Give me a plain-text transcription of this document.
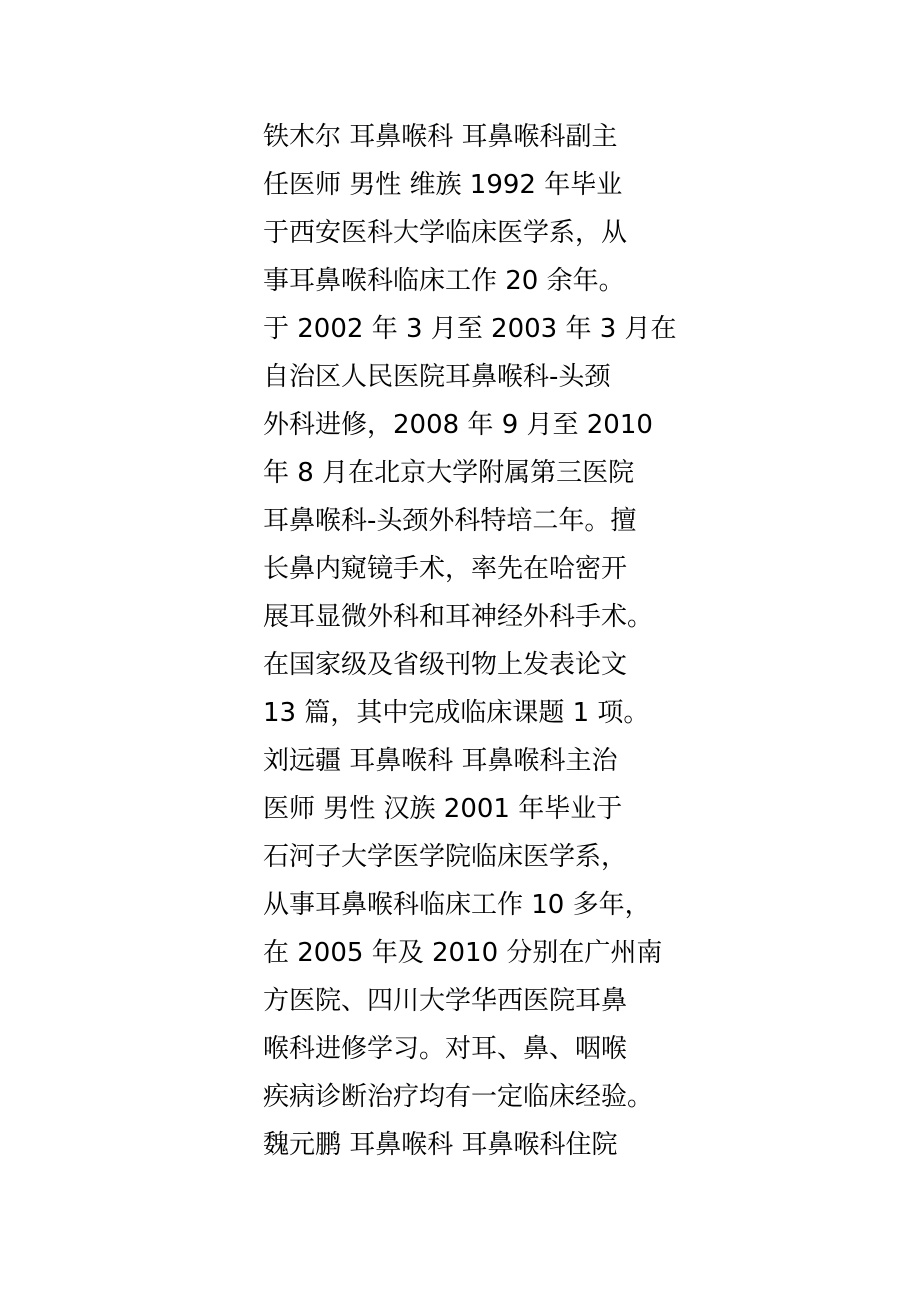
铁木尔 耳鼻喉科 耳鼻喉科副主
任医师 男性 维族 1992 年毕业
于西安医科大学临床医学系，从
事耳鼻喉科临床工作 20 余年。
于 2002 年 3 月至 2003 年 3 月在
自治区人民医院耳鼻喉科-头颈
外科进修，2008 年 9 月至 2010
年 8 月在北京大学附属第三医院
耳鼻喉科-头颈外科特培二年。擅
长鼻内窥镜手术，率先在哈密开
展耳显微外科和耳神经外科手术。
在国家级及省级刊物上发表论文
13 篇，其中完成临床课题 1 项。
刘远疆 耳鼻喉科 耳鼻喉科主治
医师 男性 汉族 2001 年毕业于
石河子大学医学院临床医学系，
从事耳鼻喉科临床工作 10 多年，
在 2005 年及 2010 分别在广州南
方医院、四川大学华西医院耳鼻
喉科进修学习。对耳、鼻、咽喉
疾病诊断治疗均有一定临床经验。
魏元鹏 耳鼻喉科 耳鼻喉科住院
